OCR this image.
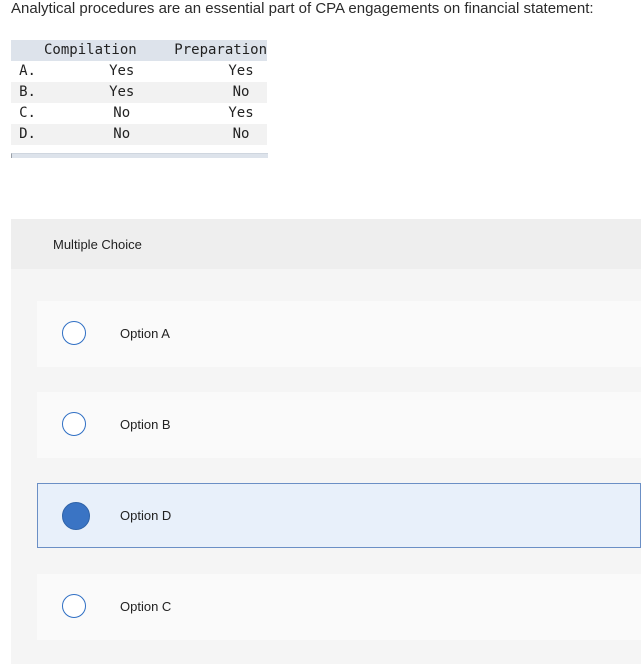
Analytical procedures are an essential part of CPA engagements on financial statement:

	Compilation	Preparation
A.	Yes	Yes
B.	Yes	No
C.	No	Yes
D.	No	No
Multiple Choice
Option A
Option B
Option D
Option C
